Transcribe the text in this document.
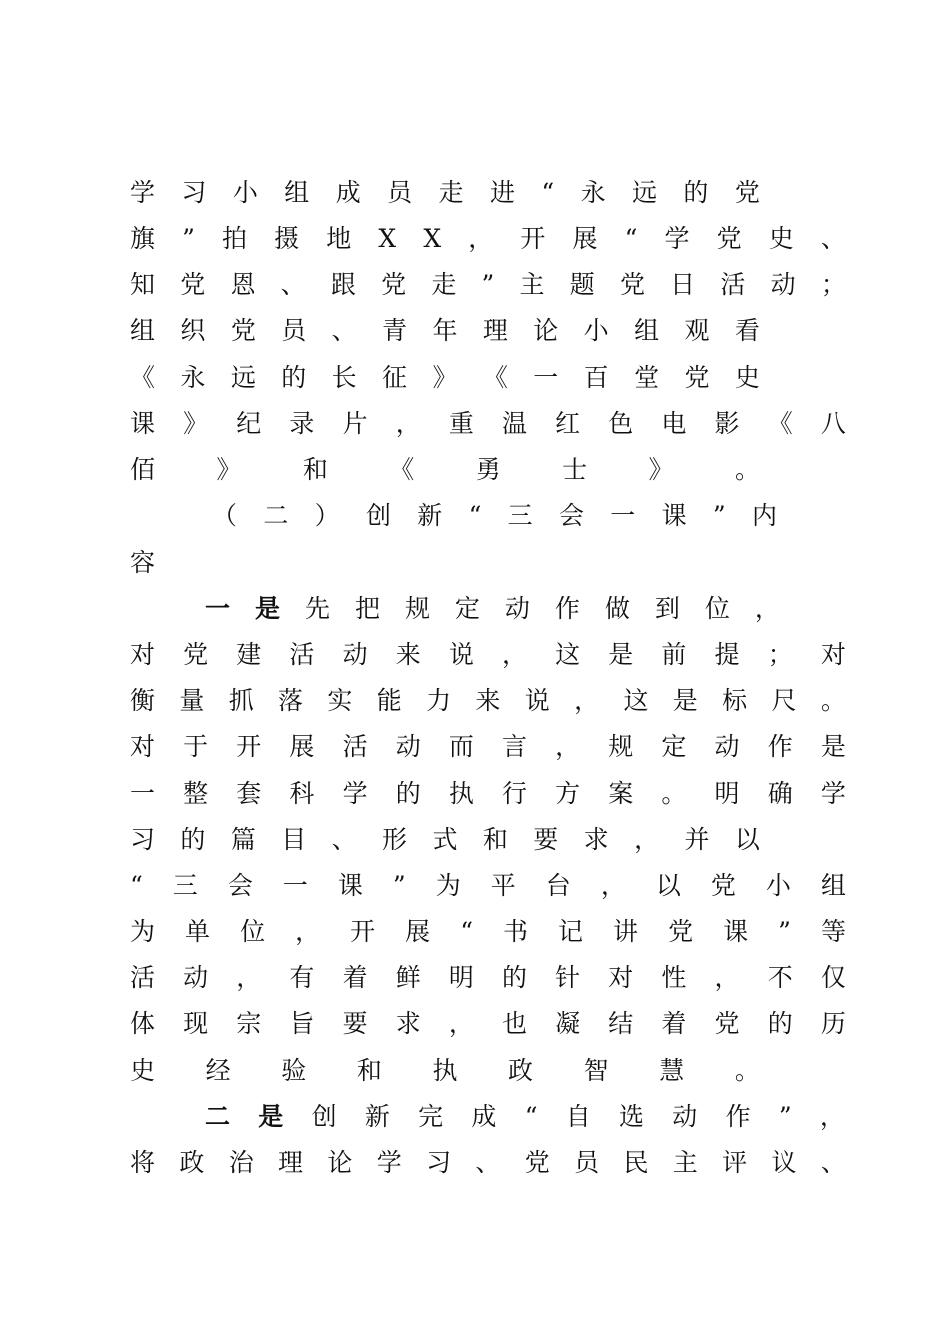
学 习 小 组 成 员 走 进 “ 永 远 的 党
旗 ” 拍 摄 地 X X ， 开 展 “ 学 党 史 、
知 党 恩 、 跟 党 走 ” 主 题 党 日 活 动 ；
组 织 党 员 、 青 年 理 论 小 组 观 看
《 永 远 的 长 征 》 《 一 百 堂 党 史
课 》 纪 录 片 ， 重 温 红 色 电 影 《 八
佰 》 和 《 勇 士 》 。
（ 二 ） 创 新 “ 三 会 一 课 ” 内
容
一 是 先 把 规 定 动 作 做 到 位 ，
对 党 建 活 动 来 说 ， 这 是 前 提 ； 对
衡 量 抓 落 实 能 力 来 说 ， 这 是 标 尺 。
对 于 开 展 活 动 而 言 ， 规 定 动 作 是
一 整 套 科 学 的 执 行 方 案 。 明 确 学
习 的 篇 目 、 形 式 和 要 求 ， 并 以
“ 三 会 一 课 ” 为 平 台 ， 以 党 小 组
为 单 位 ， 开 展 “ 书 记 讲 党 课 ” 等
活 动 ， 有 着 鲜 明 的 针 对 性 ， 不 仅
体 现 宗 旨 要 求 ， 也 凝 结 着 党 的 历
史 经 验 和 执 政 智 慧 。
二 是 创 新 完 成 “ 自 选 动 作 ” ，
将 政 治 理 论 学 习 、 党 员 民 主 评 议 、
